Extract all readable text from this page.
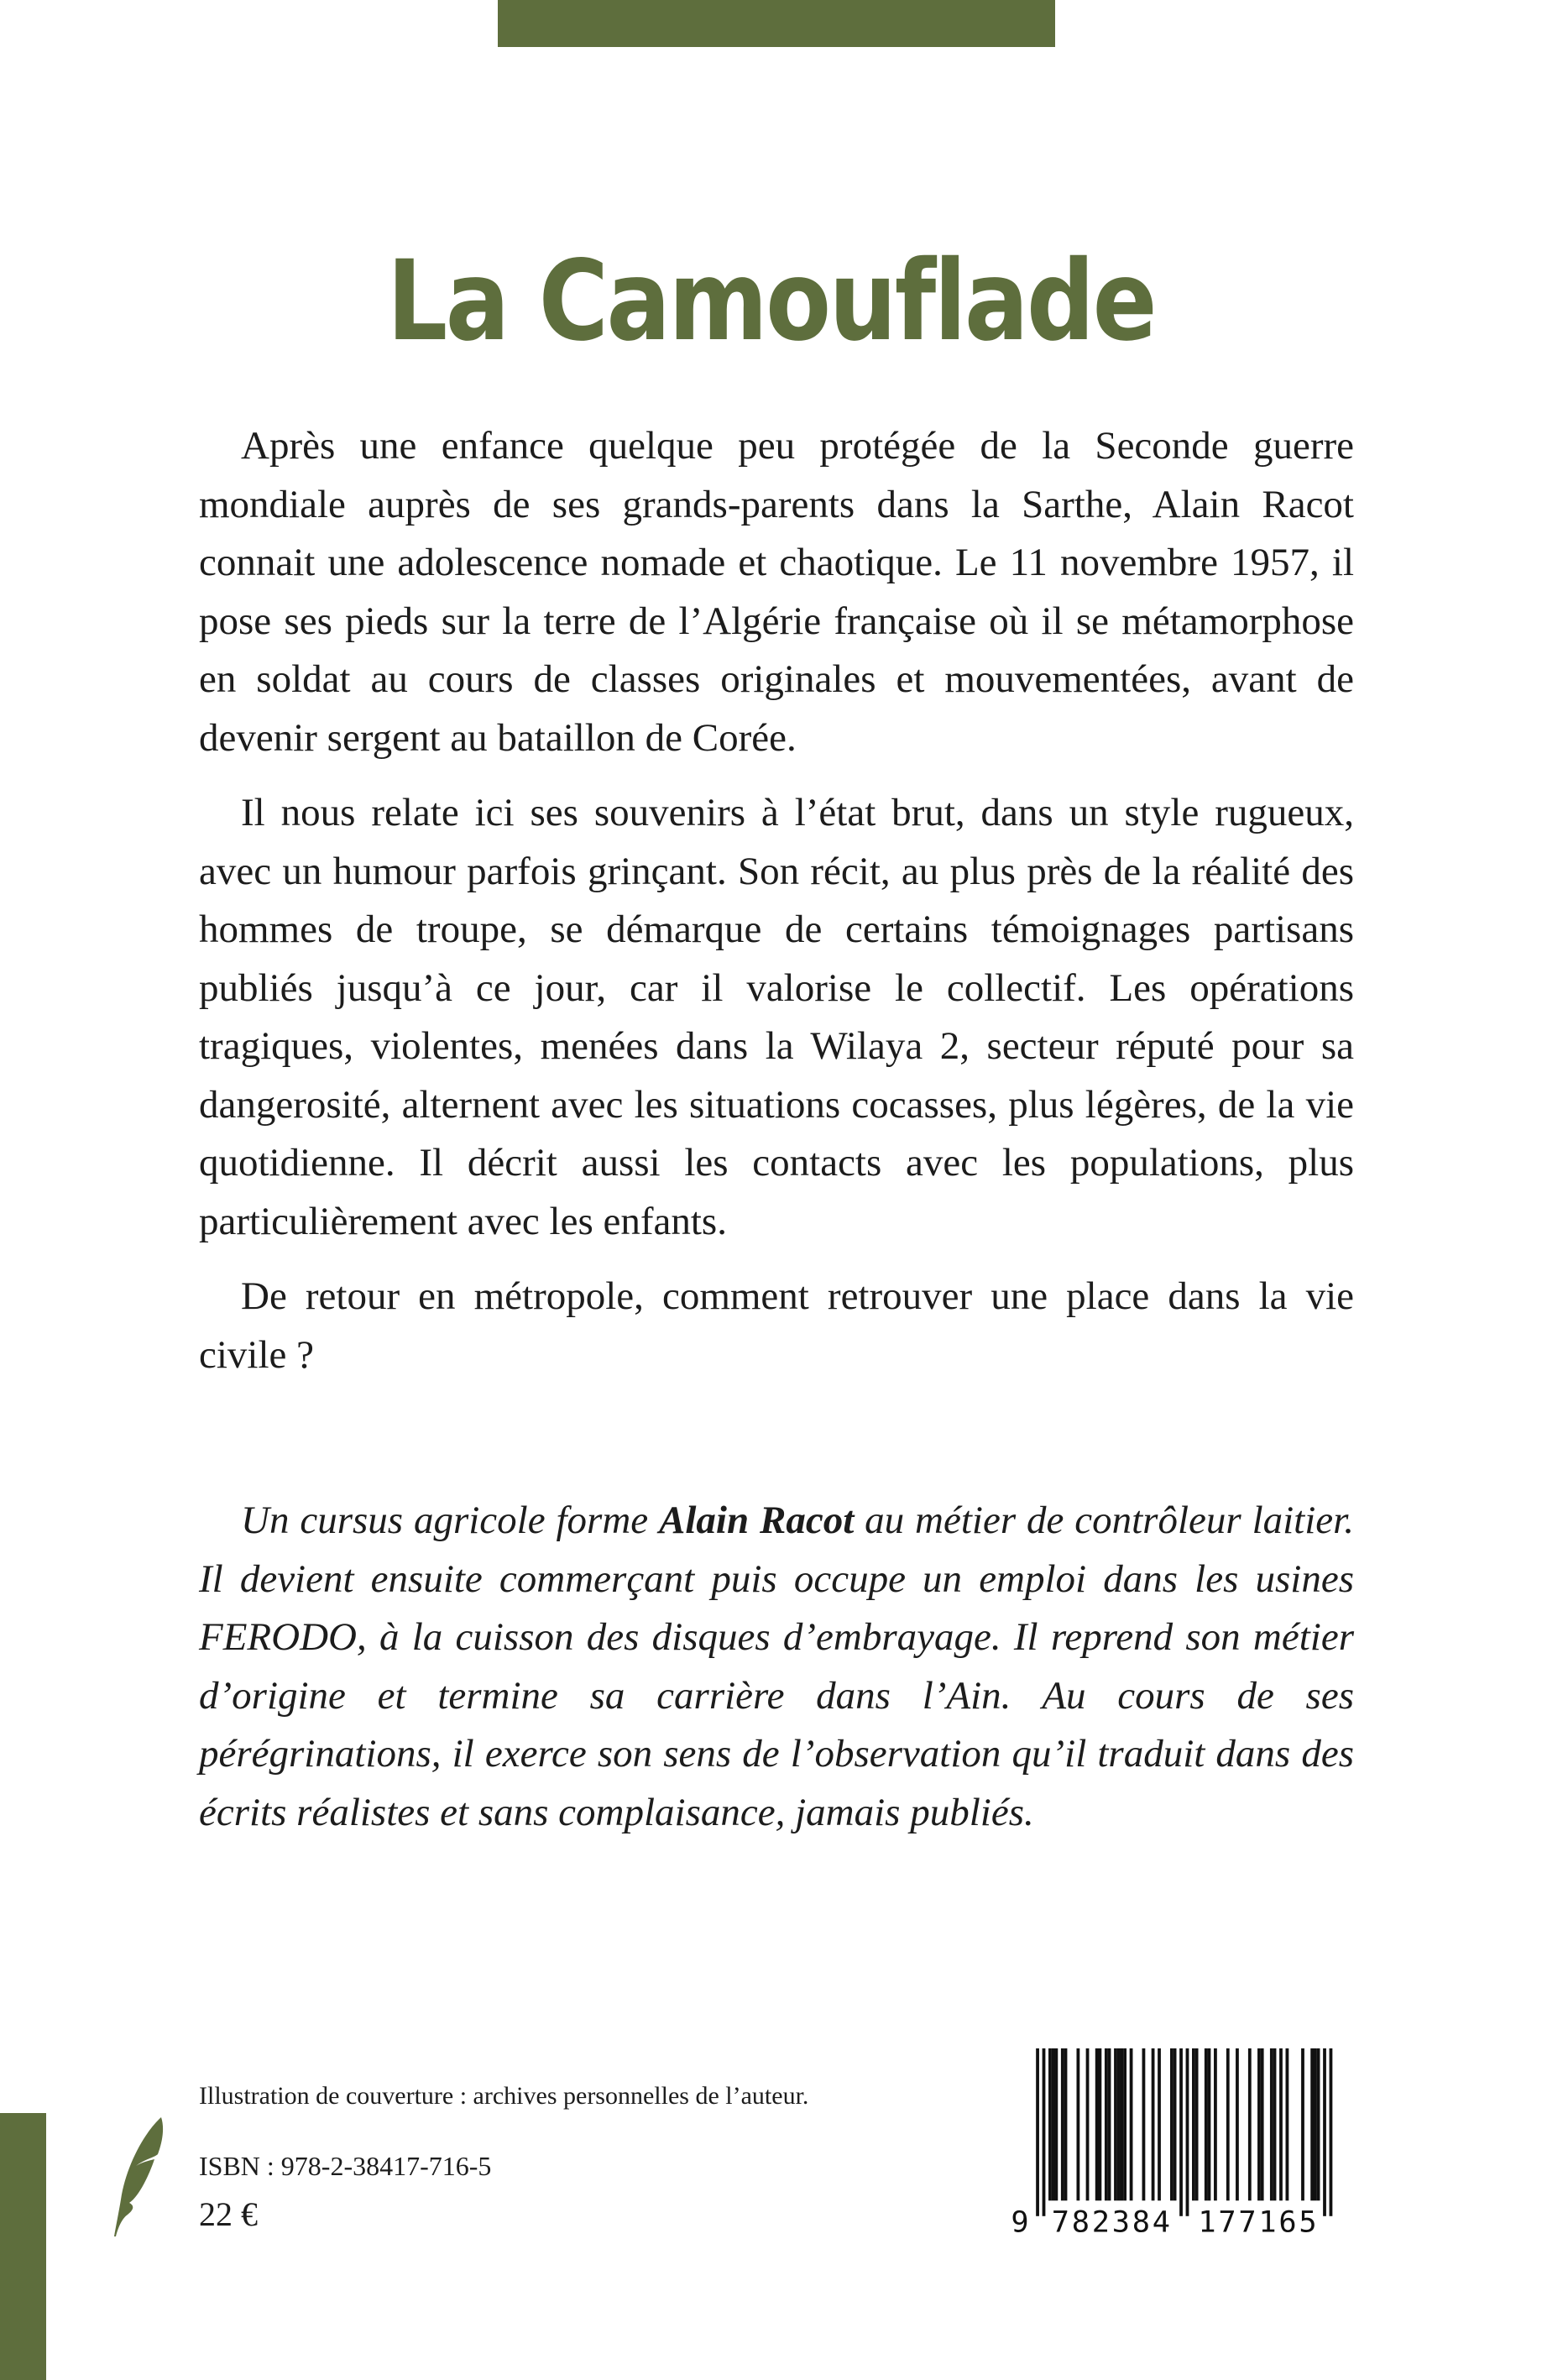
La Camouflade

Après une enfance quelque peu protégée de la Seconde guerre mondiale auprès de ses grands-parents dans la Sarthe, Alain Racot connait une adolescence nomade et chaotique. Le 11 novembre 1957, il pose ses pieds sur la terre de l’Algérie française où il se métamorphose en soldat au cours de classes originales et mouvementées, avant de devenir sergent au bataillon de Corée.

Il nous relate ici ses souvenirs à l’état brut, dans un style rugueux, avec un humour parfois grinçant. Son récit, au plus près de la réalité des hommes de troupe, se démarque de certains témoignages partisans publiés jusqu’à ce jour, car il valorise le collectif. Les opérations tragiques, violentes, menées dans la Wilaya 2, secteur réputé pour sa dangerosité, alternent avec les situations cocasses, plus légères, de la vie quotidienne. Il décrit aussi les contacts avec les populations, plus particulièrement avec les enfants.

De retour en métropole, comment retrouver une place dans la vie civile ?

Un cursus agricole forme Alain Racot au métier de contrôleur laitier. Il devient ensuite commerçant puis occupe un emploi dans les usines FERODO, à la cuisson des disques d’embrayage. Il reprend son métier d’origine et termine sa carrière dans l’Ain. Au cours de ses pérégrinations, il exerce son sens de l’observation qu’il traduit dans des écrits réalistes et sans complaisance, jamais publiés.

Illustration de couverture : archives personnelles de l’auteur.
ISBN : 978-2-38417-716-5
22 €	9	782384	177165
